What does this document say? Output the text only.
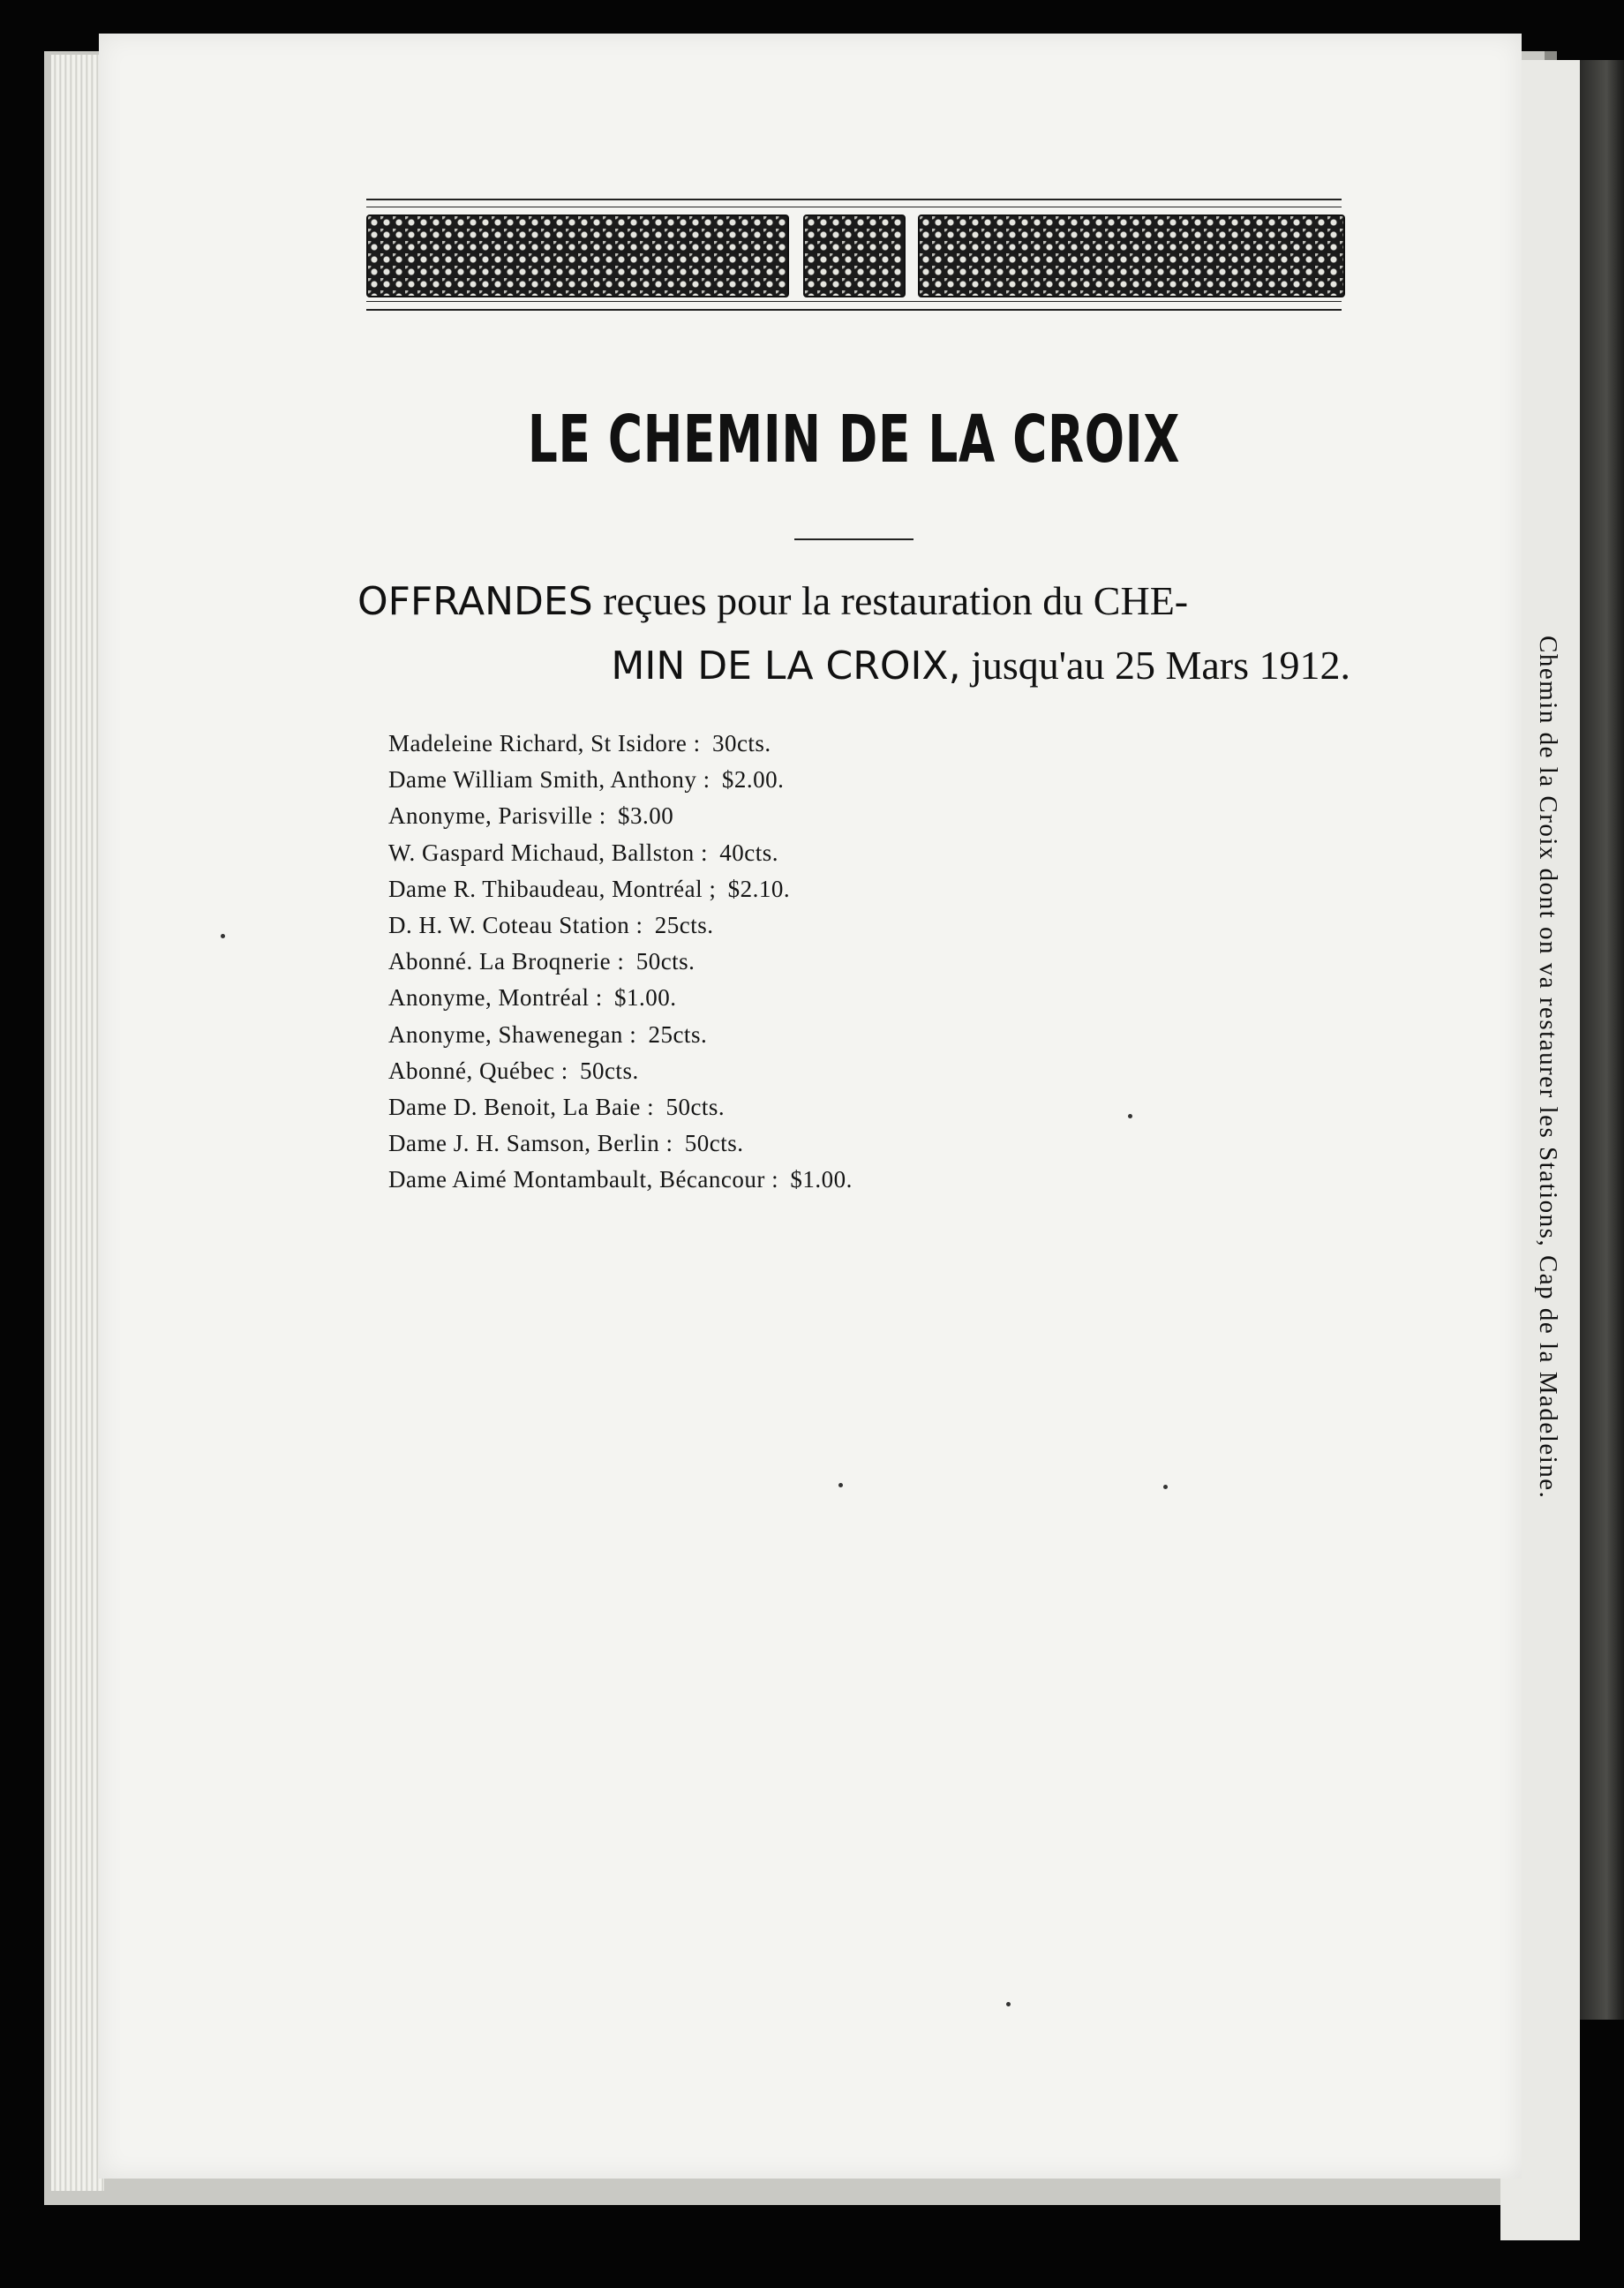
LE CHEMIN DE LA CROIX
OFFRANDES reçues pour la restauration du CHE-
MIN DE LA CROIX, jusqu'au 25 Mars 1912.
Madeleine Richard, St Isidore : 30cts.
Dame William Smith, Anthony : $2.00.
Anonyme, Parisville : $3.00
W. Gaspard Michaud, Ballston : 40cts.
Dame R. Thibaudeau, Montréal ; $2.10.
D. H. W. Coteau Station : 25cts.
Abonné. La Broqnerie : 50cts.
Anonyme, Montréal : $1.00.
Anonyme, Shawenegan : 25cts.
Abonné, Québec : 50cts.
Dame D. Benoit, La Baie : 50cts.
Dame J. H. Samson, Berlin : 50cts.
Dame Aimé Montambault, Bécancour : $1.00.	Chemin de la Croix dont on va restaurer les Stations, Cap de la Madeleine.
